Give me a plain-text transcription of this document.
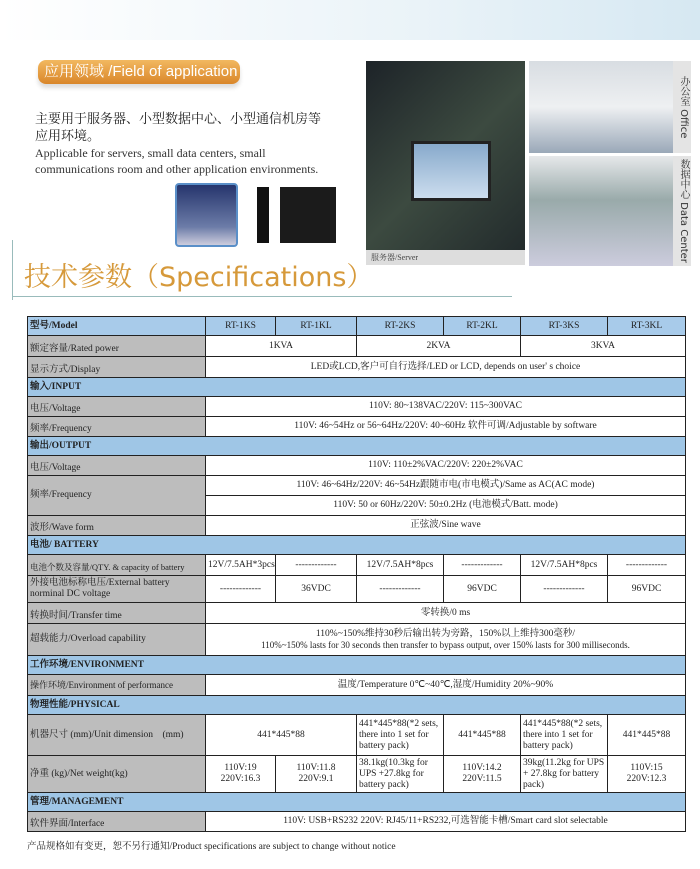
应用领域 /Field of application
主要用于服务器、小型数据中心、小型通信机房等应用环境。
Applicable for servers, small data centers, small communications room and other application environments.
服务器/Server
办公室 Office
数据中心 Data Center
技术参数（Specifications）
型号/Model	RT-1KS	RT-1KL	RT-2KS	RT-2KL	RT-3KS	RT-3KL
额定容量/Rated power	1KVA		2KVA		3KVA	
显示方式/Display	LED或LCD,客户可自行选择/LED or LCD, depends on user' s choice					
输入/INPUT						
电压/Voltage	110V: 80~138VAC/220V: 115~300VAC					
频率/Frequency	110V: 46~54Hz or 56~64Hz/220V: 40~60Hz 软件可调/Adjustable by software					
输出/OUTPUT						
电压/Voltage	110V: 110±2%VAC/220V: 220±2%VAC					
频率/Frequency	110V: 46~64Hz/220V: 46~54Hz跟随市电(市电模式)/Same as AC(AC mode)					
	110V: 50 or 60Hz/220V: 50±0.2Hz (电池模式/Batt. mode)					
波形/Wave form	正弦波/Sine wave					
电池/ BATTERY						
电池个数及容量/QTY. & capacity of battery	12V/7.5AH*3pcs	-------------	12V/7.5AH*8pcs	-------------	12V/7.5AH*8pcs	-------------
外接电池标称电压/External battery norminal DC voltage	-------------	36VDC	-------------	96VDC	-------------	96VDC
转换时间/Transfer time	零转换/0 ms					
超载能力/Overload capability	110%~150%维持30秒后输出转为旁路，150%以上维持300毫秒/
110%~150% lasts for 30 seconds then transfer to bypass output, over 150% lasts for 300 milliseconds.					

工作环境/ENVIRONMENT						
操作环境/Environment of performance	温度/Temperature 0℃~40℃,湿度/Humidity 20%~90%					
物理性能/PHYSICAL						
机器尺寸 (mm)/Unit dimension　(mm)	441*445*88		441*445*88(*2 sets, there into 1 set for battery pack)	441*445*88	441*445*88(*2 sets, there into 1 set for battery pack)	441*445*88
净重 (kg)/Net weight(kg)	110V:19
220V:16.3	110V:11.8
220V:9.1	38.1kg(10.3kg for UPS +27.8kg for battery pack)	110V:14.2
220V:11.5	39kg(11.2kg for UPS + 27.8kg for battery pack)	110V:15
220V:12.3
管理/MANAGEMENT						
软件界面/Interface	110V: USB+RS232 220V: RJ45/11+RS232,可选智能卡槽/Smart card slot selectable					
产品规格如有变更，恕不另行通知/Product specifications are subject to change without notice
